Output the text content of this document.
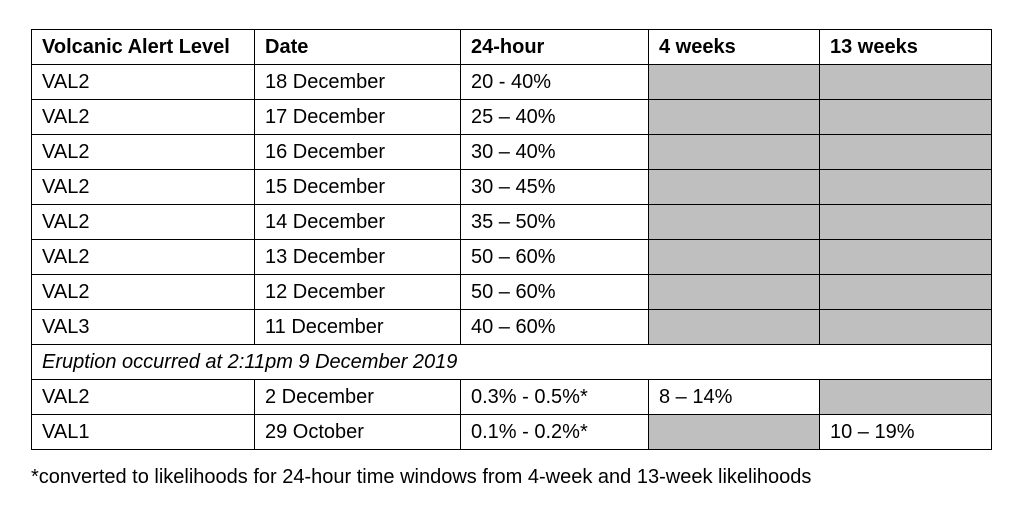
Volcanic Alert Level	Date	24-hour	4 weeks	13 weeks
VAL2	18 December	20 - 40%		
VAL2	17 December	25 – 40%		
VAL2	16 December	30 – 40%		
VAL2	15 December	30 – 45%		
VAL2	14 December	35 – 50%		
VAL2	13 December	50 – 60%		
VAL2	12 December	50 – 60%		
VAL3	11 December	40 – 60%		
Eruption occurred at 2:11pm 9 December 2019				
VAL2	2 December	0.3% - 0.5%*	8 – 14%	
VAL1	29 October	0.1% - 0.2%*		10 – 19%
*converted to likelihoods for 24-hour time windows from 4-week and 13-week likelihoods
